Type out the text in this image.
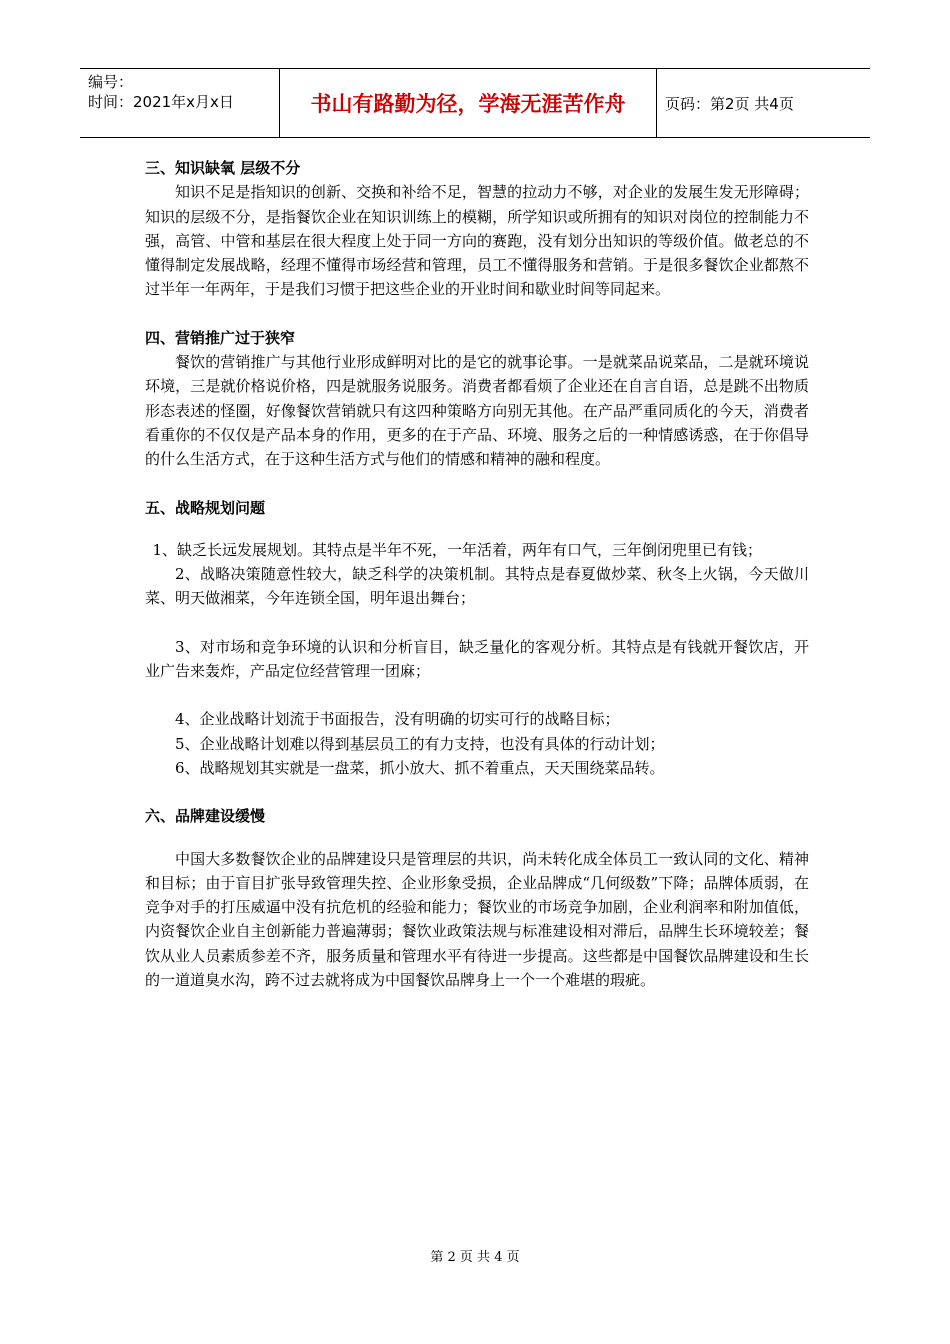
编号：
时间：2021年x月x日	书山有路勤为径，学海无涯苦作舟	页码：第2页 共4页

三、知识缺氧 层级不分

知识不足是指知识的创新、交换和补给不足，智慧的拉动力不够，对企业的发展生发无形障碍；知识的层级不分，是指餐饮企业在知识训练上的模糊，所学知识或所拥有的知识对岗位的控制能力不强，高管、中管和基层在很大程度上处于同一方向的赛跑，没有划分出知识的等级价值。做老总的不懂得制定发展战略，经理不懂得市场经营和管理，员工不懂得服务和营销。于是很多餐饮企业都熬不过半年一年两年，于是我们习惯于把这些企业的开业时间和歇业时间等同起来。

四、营销推广过于狭窄

餐饮的营销推广与其他行业形成鲜明对比的是它的就事论事。一是就菜品说菜品，二是就环境说环境，三是就价格说价格，四是就服务说服务。消费者都看烦了企业还在自言自语，总是跳不出物质形态表述的怪圈，好像餐饮营销就只有这四种策略方向别无其他。在产品严重同质化的今天，消费者看重你的不仅仅是产品本身的作用，更多的在于产品、环境、服务之后的一种情感诱惑，在于你倡导的什么生活方式，在于这种生活方式与他们的情感和精神的融和程度。

五、战略规划问题

1、缺乏长远发展规划。其特点是半年不死，一年活着，两年有口气，三年倒闭兜里已有钱；

2、战略决策随意性较大，缺乏科学的决策机制。其特点是春夏做炒菜、秋冬上火锅，今天做川菜、明天做湘菜，今年连锁全国，明年退出舞台；

3、对市场和竞争环境的认识和分析盲目，缺乏量化的客观分析。其特点是有钱就开餐饮店，开业广告来轰炸，产品定位经营管理一团麻；

4、企业战略计划流于书面报告，没有明确的切实可行的战略目标；

5、企业战略计划难以得到基层员工的有力支持，也没有具体的行动计划；

6、战略规划其实就是一盘菜，抓小放大、抓不着重点，天天围绕菜品转。

六、品牌建设缓慢

中国大多数餐饮企业的品牌建设只是管理层的共识，尚未转化成全体员工一致认同的文化、精神和目标；由于盲目扩张导致管理失控、企业形象受损，企业品牌成“几何级数”下降；品牌体质弱，在竞争对手的打压威逼中没有抗危机的经验和能力；餐饮业的市场竞争加剧，企业利润率和附加值低，内资餐饮企业自主创新能力普遍薄弱；餐饮业政策法规与标准建设相对滞后，品牌生长环境较差；餐饮从业人员素质参差不齐，服务质量和管理水平有待进一步提高。这些都是中国餐饮品牌建设和生长的一道道臭水沟，跨不过去就将成为中国餐饮品牌身上一个一个难堪的瑕疵。

第 2 页 共 4 页
